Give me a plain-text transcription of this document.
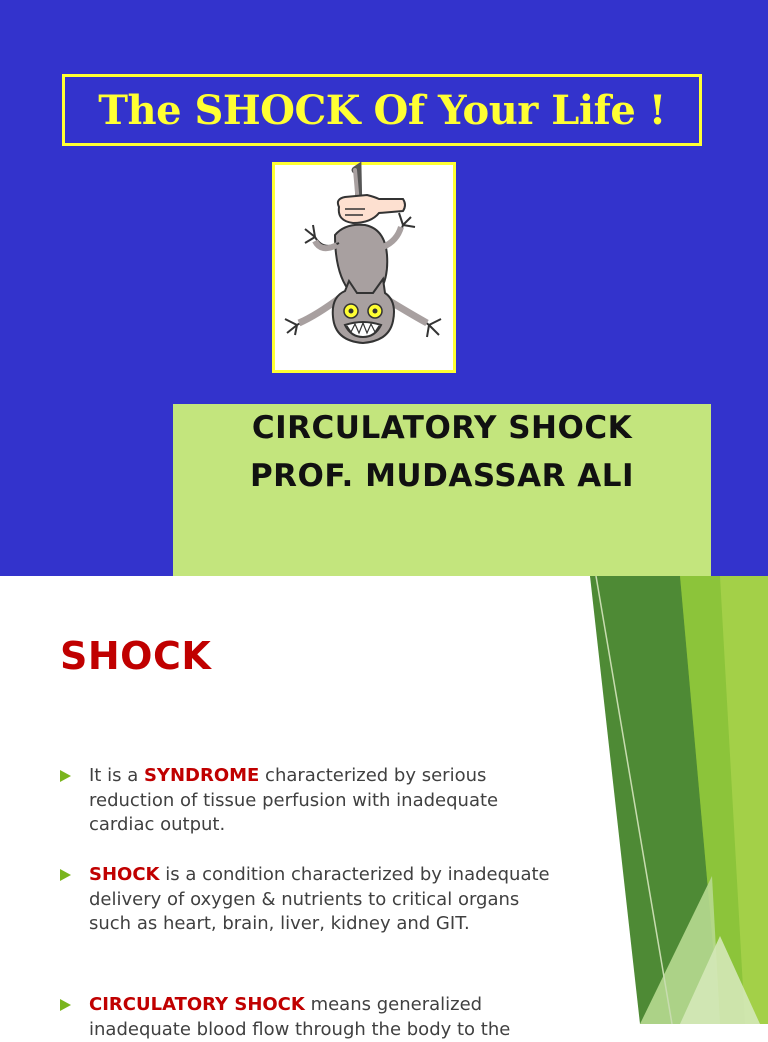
The SHOCK Of Your Life !
CIRCULATORY SHOCK
PROF. MUDASSAR ALI
SHOCK
It is a SYNDROME characterized by serious reduction of tissue perfusion with inadequate cardiac output.
SHOCK is a condition characterized by inadequate delivery of oxygen & nutrients to critical organs such as heart, brain, liver, kidney and GIT.
CIRCULATORY SHOCK means generalized inadequate blood flow through the body to the
